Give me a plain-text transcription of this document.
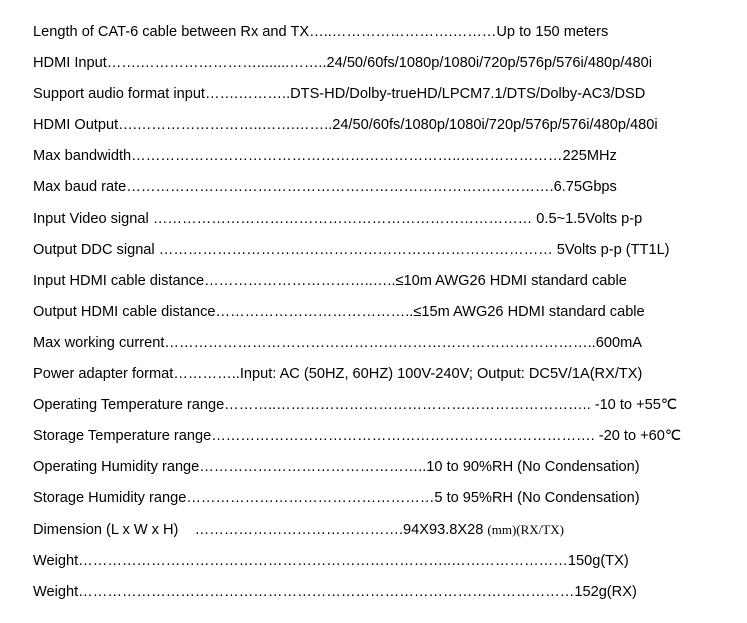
Length of CAT-6 cable between Rx and TX…..…………………….………Up to 150 meters
HDMI Input…….……………………........……..24/50/60fs/1080p/1080i/720p/576p/576i/480p/480i
Support audio format input…….………..DTS-HD/Dolby-trueHD/LPCM7.1/DTS/Dolby-AC3/DSD
HDMI Output….……………………..…….……..24/50/60fs/1080p/1080i/720p/576p/576i/480p/480i
Max bandwidth…………………………………………………………..…………………225MHz
Max baud rate…………………………………………………………………………….6.75Gbps
Input Video signal …………………………………………………………………… 0.5~1.5Volts p-p
Output DDC signal ……………………………………………………………………… 5Volts p-p (TT1L)
Input HDMI cable distance……………………………..…..≤10m AWG26 HDMI standard cable
Output HDMI cable distance…………………………………..≤15m AWG26 HDMI standard cable
Max working current……………………………………………………………………………..600mA
Power adapter format…………..Input: AC (50HZ, 60HZ) 100V-240V; Output: DC5V/1A(RX/TX)
Operating Temperature range………..……………………………………………………….. -10 to +55℃
Storage Temperature range……………………………………………………………………. -20 to +60℃
Operating Humidity range………………………………………..10 to 90%RH (No Condensation)
Storage Humidity range……………………………………………5 to 95%RH (No Condensation)
Dimension (L x W x H)    …………………………………….94X93.8X28 (mm)(RX/TX)
Weight…………………………………………………………………..……………………150g(TX)
Weight…………………………………………………………………………………………152g(RX)
